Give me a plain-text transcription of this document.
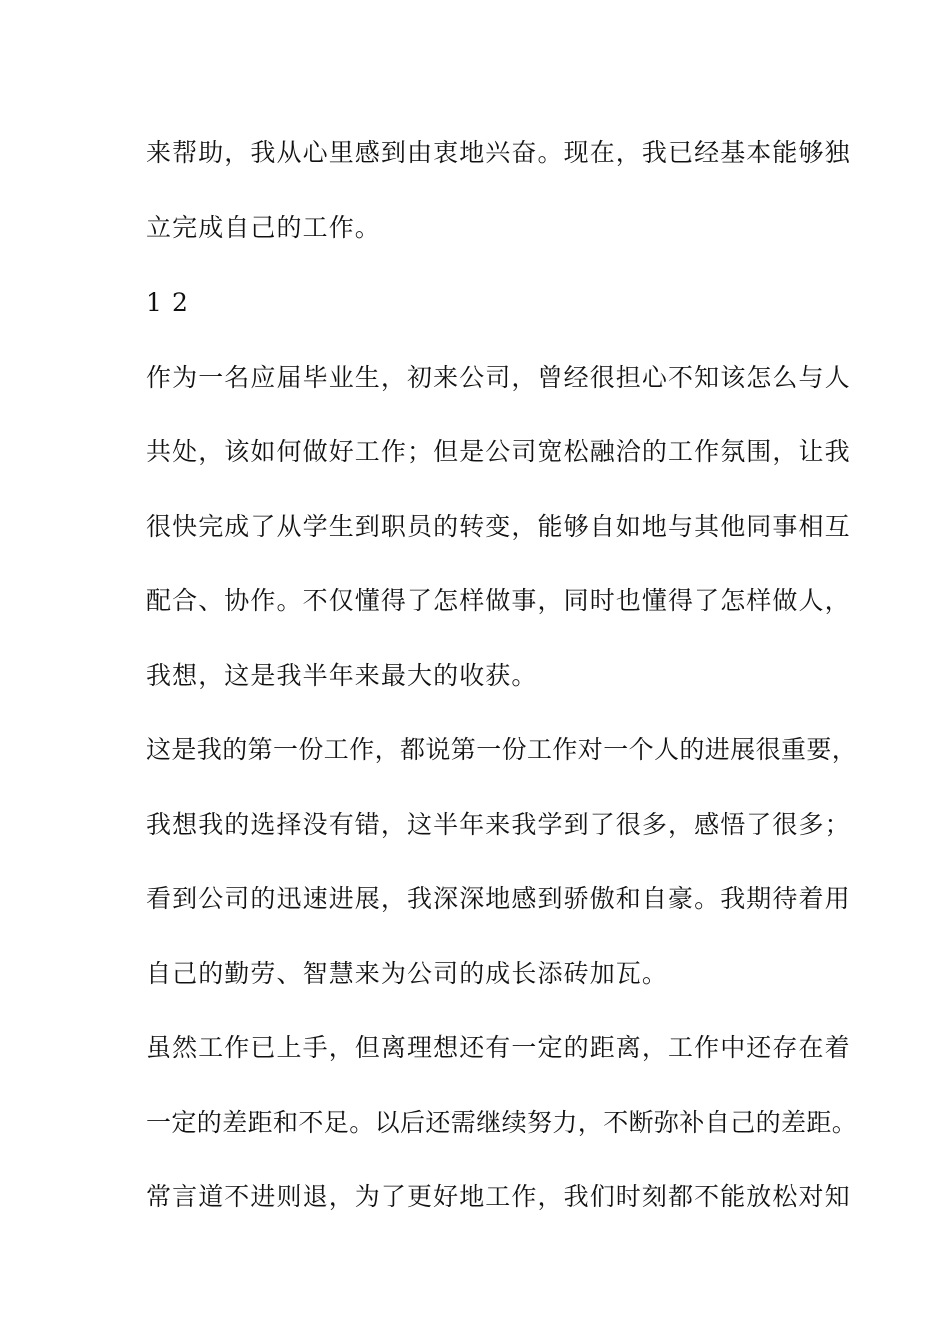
来帮助，我从心里感到由衷地兴奋。现在，我已经基本能够独

立完成自己的工作。

1 2

作为一名应届毕业生，初来公司，曾经很担心不知该怎么与人

共处，该如何做好工作；但是公司宽松融洽的工作氛围，让我

很快完成了从学生到职员的转变，能够自如地与其他同事相互

配合、协作。不仅懂得了怎样做事，同时也懂得了怎样做人，

我想，这是我半年来最大的收获。

这是我的第一份工作，都说第一份工作对一个人的进展很重要，

我想我的选择没有错，这半年来我学到了很多，感悟了很多；

看到公司的迅速进展，我深深地感到骄傲和自豪。我期待着用

自己的勤劳、智慧来为公司的成长添砖加瓦。

虽然工作已上手，但离理想还有一定的距离，工作中还存在着

一定的差距和不足。以后还需继续努力，不断弥补自己的差距。

常言道不进则退，为了更好地工作，我们时刻都不能放松对知
